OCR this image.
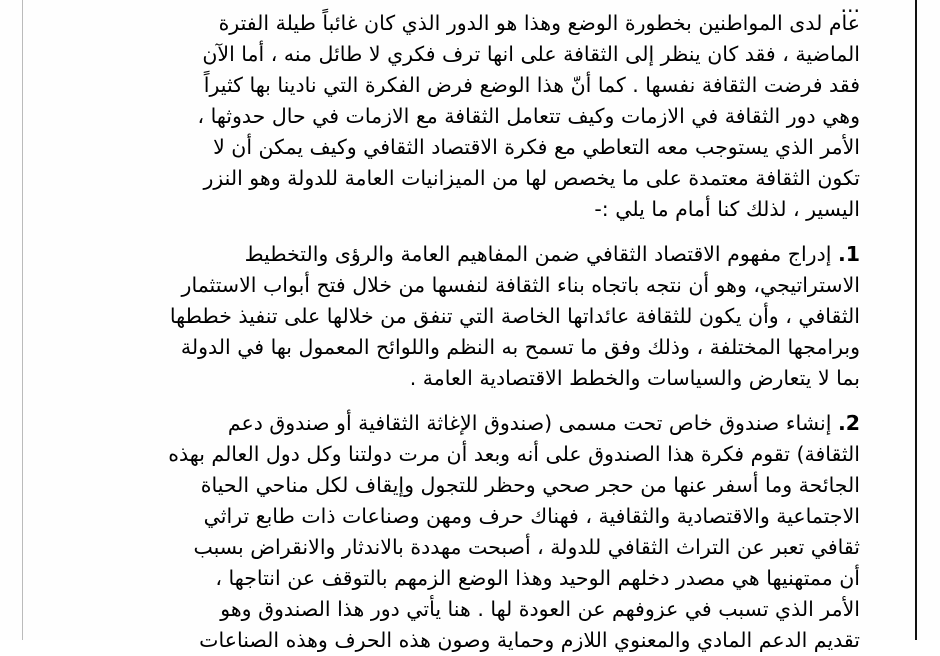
...
عام لدى المواطنين بخطورة الوضع وهذا هو الدور الذي كان غائباً طيلة الفترة
الماضية ، فقد كان ينظر إلى الثقافة على انها ترف فكري لا طائل منه ، أما الآن
فقد فرضت الثقافة نفسها . كما أنّ هذا الوضع فرض الفكرة التي نادينا بها كثيراً
وهي دور الثقافة في الازمات وكيف تتعامل الثقافة مع الازمات في حال حدوثها ،
الأمر الذي يستوجب معه التعاطي مع فكرة الاقتصاد الثقافي وكيف يمكن أن لا
تكون الثقافة معتمدة على ما يخصص لها من الميزانيات العامة للدولة وهو النزر
اليسير ، لذلك كنا أمام ما يلي :-
1. إدراج مفهوم الاقتصاد الثقافي ضمن المفاهيم العامة والرؤى والتخطيط
الاستراتيجي، وهو أن نتجه باتجاه بناء الثقافة لنفسها من خلال فتح أبواب الاستثمار
الثقافي ، وأن يكون للثقافة عائداتها الخاصة التي تنفق من خلالها على تنفيذ خططها
وبرامجها المختلفة ، وذلك وفق ما تسمح به النظم واللوائح المعمول بها في الدولة
بما لا يتعارض والسياسات والخطط الاقتصادية العامة .
2. إنشاء صندوق خاص تحت مسمى (صندوق الإغاثة الثقافية أو صندوق دعم
الثقافة) تقوم فكرة هذا الصندوق على أنه وبعد أن مرت دولتنا وكل دول العالم بهذه
الجائحة وما أسفر عنها من حجر صحي وحظر للتجول وإيقاف لكل مناحي الحياة
الاجتماعية والاقتصادية والثقافية ، فهناك حرف ومهن وصناعات ذات طابع تراثي
ثقافي تعبر عن التراث الثقافي للدولة ، أصبحت مهددة بالاندثار والانقراض بسبب
أن ممتهنيها هي مصدر دخلهم الوحيد وهذا الوضع الزمهم بالتوقف عن انتاجها ،
الأمر الذي تسبب في عزوفهم عن العودة لها . هنا يأتي دور هذا الصندوق وهو
تقديم الدعم المادي والمعنوي اللازم وحماية وصون هذه الحرف وهذه الصناعات
